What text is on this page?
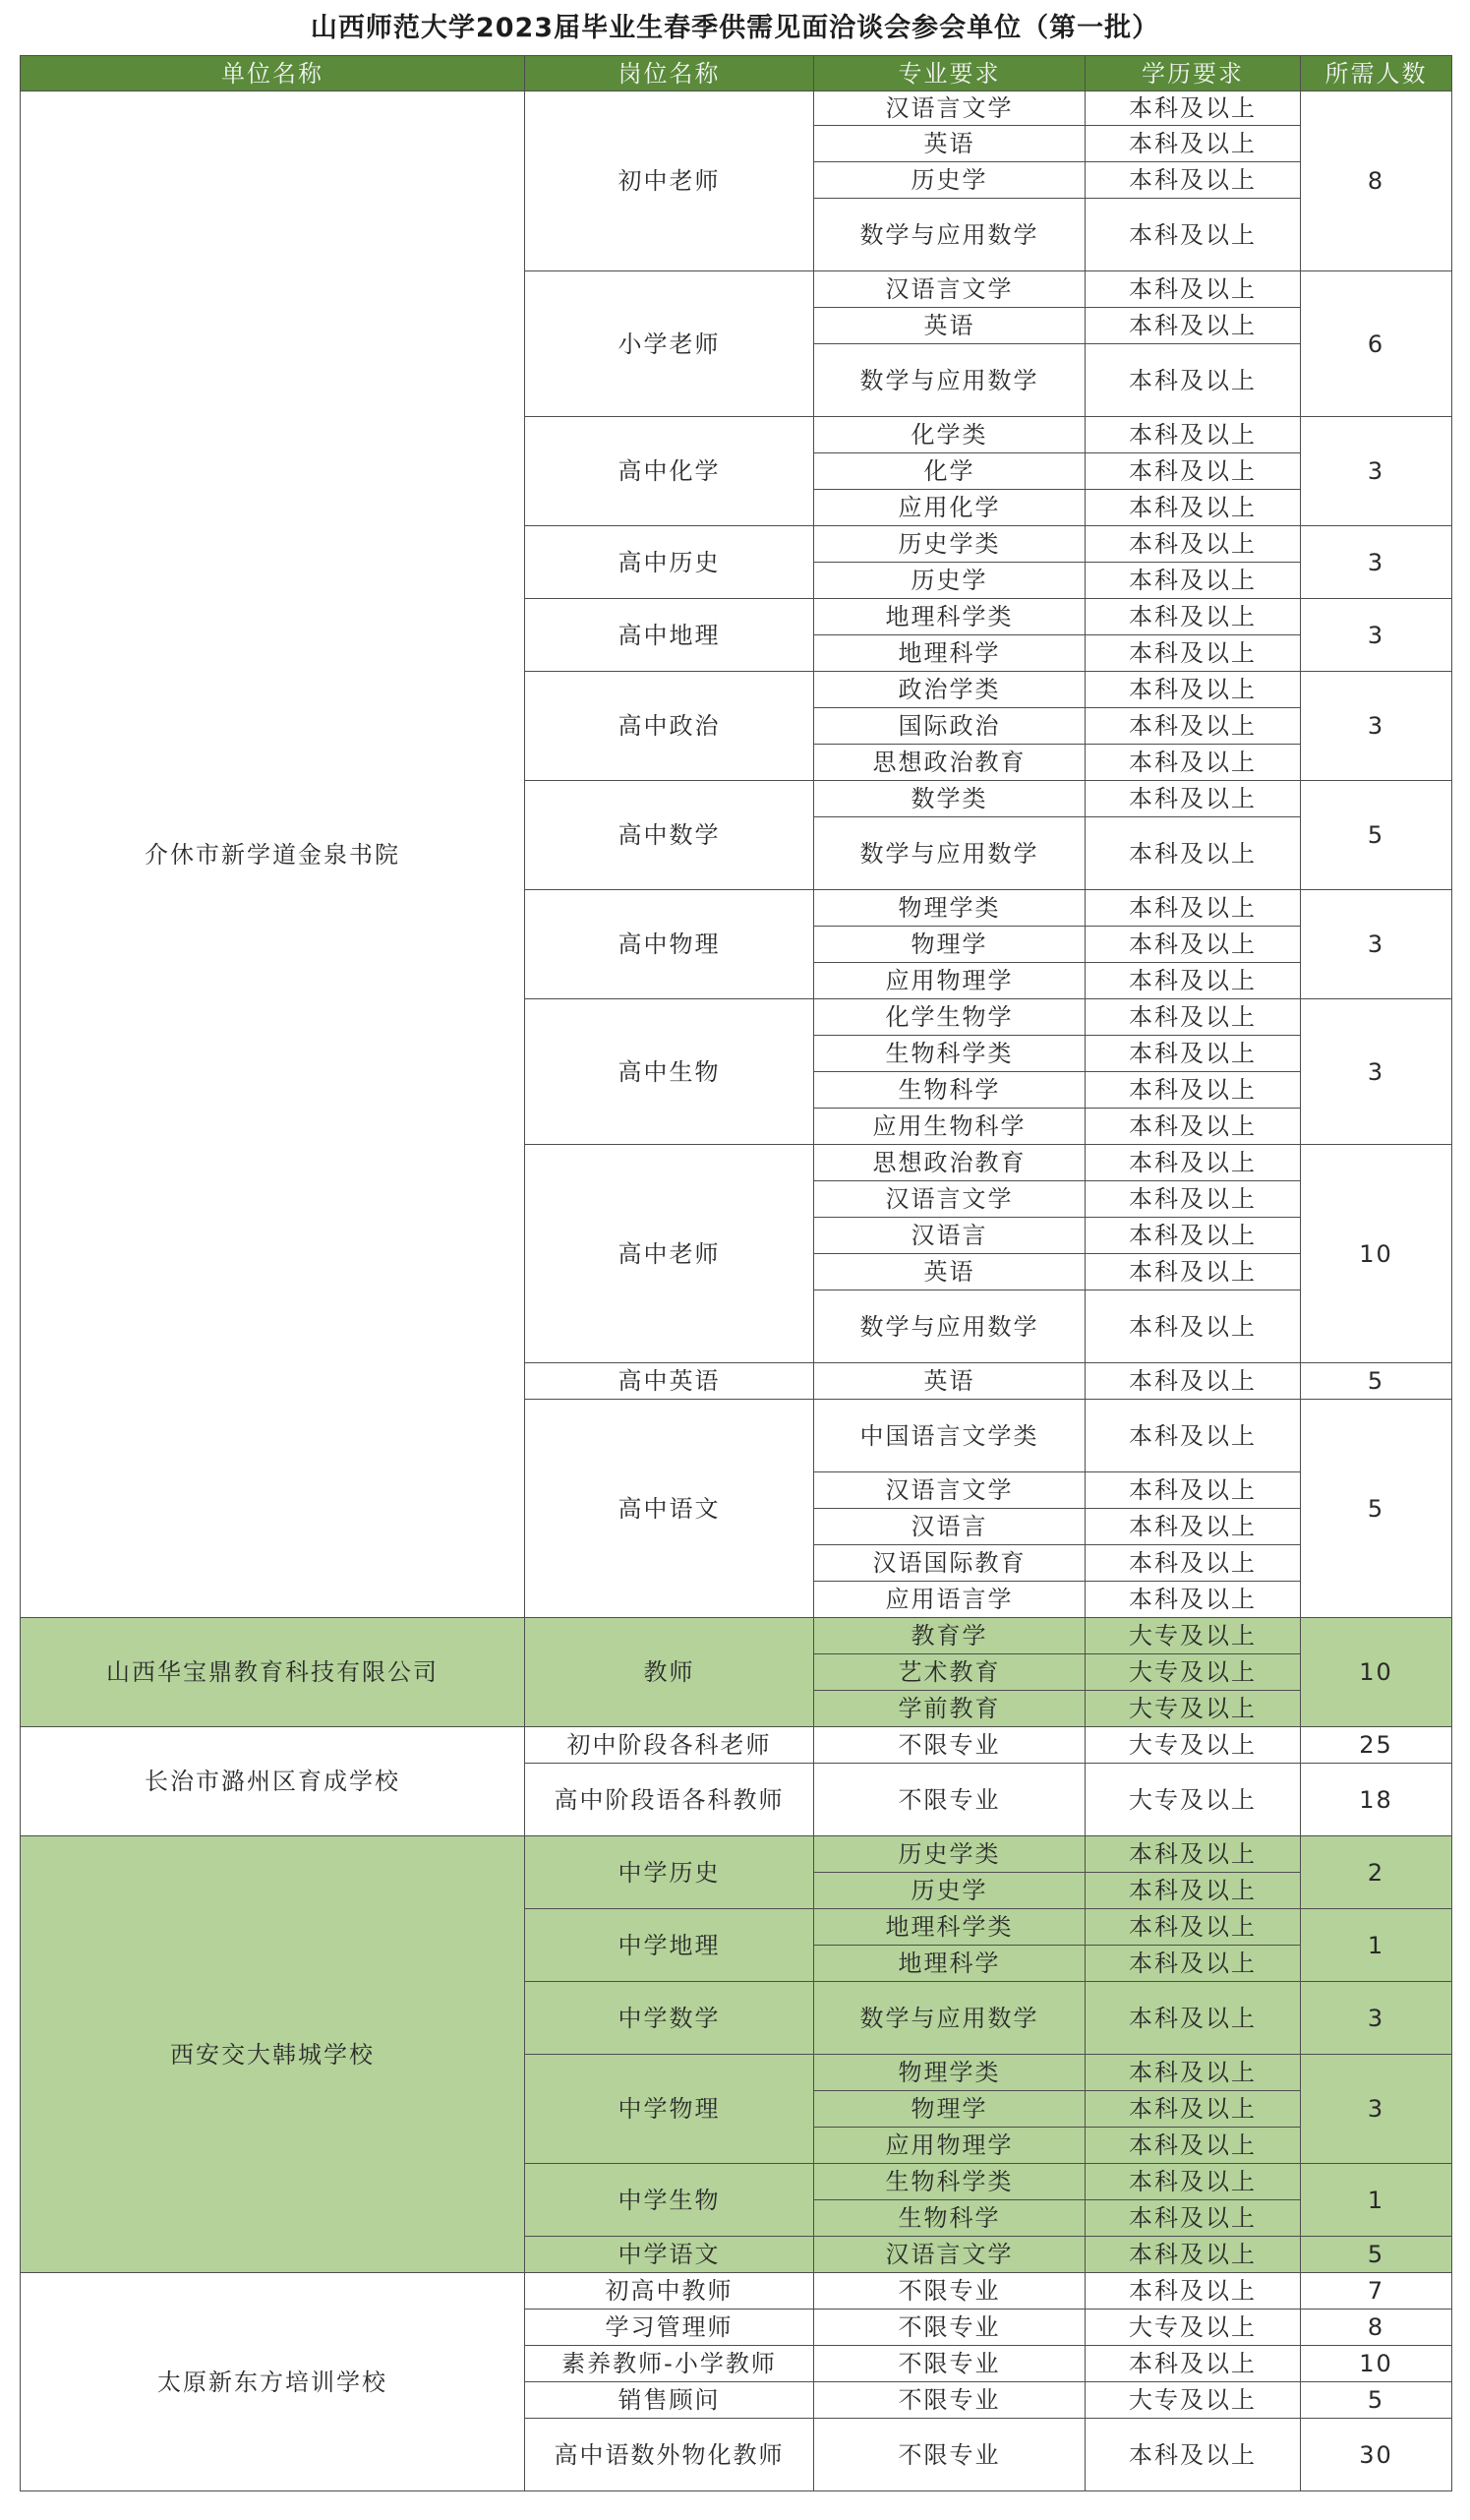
山西师范大学2023届毕业生春季供需见面洽谈会参会单位（第一批）
单位名称	岗位名称	专业要求	学历要求	所需人数
介休市新学道金泉书院	初中老师	汉语言文学	本科及以上	8
		英语	本科及以上	
		历史学	本科及以上	
		数学与应用数学	本科及以上	
	小学老师	汉语言文学	本科及以上	6
		英语	本科及以上	
		数学与应用数学	本科及以上	
	高中化学	化学类	本科及以上	3
		化学	本科及以上	
		应用化学	本科及以上	
	高中历史	历史学类	本科及以上	3
		历史学	本科及以上	
	高中地理	地理科学类	本科及以上	3
		地理科学	本科及以上	
	高中政治	政治学类	本科及以上	3
		国际政治	本科及以上	
		思想政治教育	本科及以上	
	高中数学	数学类	本科及以上	5
		数学与应用数学	本科及以上	
	高中物理	物理学类	本科及以上	3
		物理学	本科及以上	
		应用物理学	本科及以上	
	高中生物	化学生物学	本科及以上	3
		生物科学类	本科及以上	
		生物科学	本科及以上	
		应用生物科学	本科及以上	
	高中老师	思想政治教育	本科及以上	10
		汉语言文学	本科及以上	
		汉语言	本科及以上	
		英语	本科及以上	
		数学与应用数学	本科及以上	
	高中英语	英语	本科及以上	5
	高中语文	中国语言文学类	本科及以上	5
		汉语言文学	本科及以上	
		汉语言	本科及以上	
		汉语国际教育	本科及以上	
		应用语言学	本科及以上	
山西华宝鼎教育科技有限公司	教师	教育学	大专及以上	10
		艺术教育	大专及以上	
		学前教育	大专及以上	
长治市潞州区育成学校	初中阶段各科老师	不限专业	大专及以上	25
	高中阶段语各科教师	不限专业	大专及以上	18
西安交大韩城学校	中学历史	历史学类	本科及以上	2
		历史学	本科及以上	
	中学地理	地理科学类	本科及以上	1
		地理科学	本科及以上	
	中学数学	数学与应用数学	本科及以上	3
	中学物理	物理学类	本科及以上	3
		物理学	本科及以上	
		应用物理学	本科及以上	
	中学生物	生物科学类	本科及以上	1
		生物科学	本科及以上	
	中学语文	汉语言文学	本科及以上	5
太原新东方培训学校	初高中教师	不限专业	本科及以上	7
	学习管理师	不限专业	大专及以上	8
	素养教师-小学教师	不限专业	本科及以上	10
	销售顾问	不限专业	大专及以上	5
	高中语数外物化教师	不限专业	本科及以上	30
